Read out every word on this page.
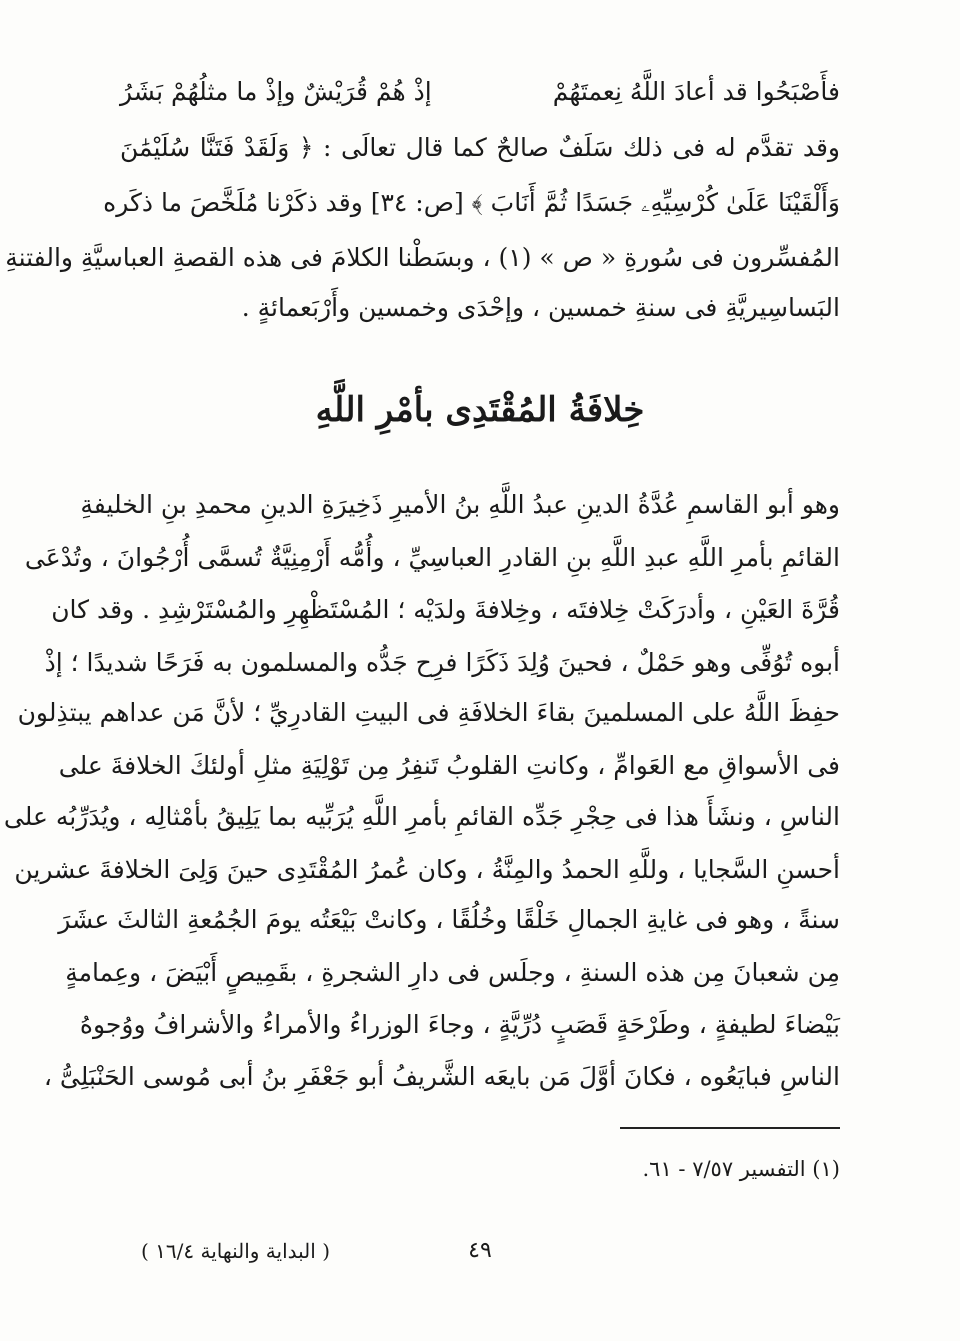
فأَصْبَحُوا قد أعادَ اللَّهُ نِعمتَهُمْ
إذْ هُمْ قُرَيْشٌ وإذْ ما مثلُهُمْ بَشَرُ
وقد تقدَّم له فى ذلك سَلَفٌ صالحٌ كما قال تعالَى : ﴿ وَلَقَدْ فَتَنَّا سُلَيْمَٰنَ
وَأَلْقَيْنَا عَلَىٰ كُرْسِيِّهِۦ جَسَدًا ثُمَّ أَنَابَ ﴾ [ص: ٣٤] وقد ذكَرْنا مُلَخَّصَ ما ذكَره
المُفسِّرون فى سُورةِ « ص » (١) ، وبسَطْنا الكلامَ فى هذه القصةِ العباسيَّةِ والفتنةِ
البَساسِيريَّةِ فى سنةِ خمسين ، وإحْدَى وخمسين وأَرْبَعمائةٍ .
خِلافَةُ المُقْتَدِى بأمْرِ اللَّهِ
وهو أبو القاسمِ عُدَّةُ الدينِ عبدُ اللَّهِ بنُ الأميرِ ذَخِيرَةِ الدينِ محمدِ بنِ الخليفةِ
القائمِ بأمرِ اللَّهِ عبدِ اللَّهِ بنِ القادرِ العباسِيِّ ، وأُمُّه أَرْمِنِيَّةٌ تُسمَّى أُرْجُوانَ ، وتُدْعَى
قُرَّةَ العَيْنِ ، وأدرَكَتْ خِلافتَه ، وخِلافةَ ولدَيْه ؛ المُسْتَظْهِرِ والمُسْتَرْشِدِ . وقد كان
أبوه تُوُفِّى وهو حَمْلٌ ، فحينَ وُلِدَ ذَكَرًا فرِح جَدُّه والمسلمون به فَرَحًا شديدًا ؛ إذْ
حفِظَ اللَّهُ على المسلمينَ بقاءَ الخلافَةِ فى البيتِ القادرِيِّ ؛ لأنَّ مَن عداهم يبتذِلون
فى الأسواقِ مع العَوامِّ ، وكانتِ القلوبُ تَنفِرُ مِن تَوْلِيَةِ مثلِ أولئكَ الخلافةَ على
الناسِ ، ونشَأَ هذا فى حِجْرِ جَدِّه القائمِ بأمرِ اللَّهِ يُرَبِّيه بما يَلِيقُ بأمْثالِه ، ويُدَرِّبُه على
أحسنِ السَّجايا ، وللَّهِ الحمدُ والمِنَّةُ ، وكان عُمرُ المُقْتَدِى حينَ وَلِىَ الخلافةَ عشرين
سنةً ، وهو فى غايةِ الجمالِ خَلْقًا وخُلُقًا ، وكانتْ بَيْعَتُه يومَ الجُمُعةِ الثالثَ عشَرَ
مِن شعبانَ مِن هذه السنةِ ، وجلَس فى دارِ الشجرةِ ، بقَمِيصٍ أَبْيَضَ ، وعِمامةٍ
بَيْضاءَ لطيفةٍ ، وطَرْحَةٍ قَصَبٍ دُرِّيَّةٍ ، وجاءَ الوزراءُ والأمراءُ والأشرافُ ووُجوهُ
الناسِ فبايَعُوه ، فكانَ أوَّلَ مَن بايعَه الشَّريفُ أبو جَعْفَرِ بنُ أبى مُوسى الحَنْبَلِىُّ ،
(١) التفسير ٧/٥٧ - ٦١.
( البداية والنهاية ١٦/٤ )	٤٩
